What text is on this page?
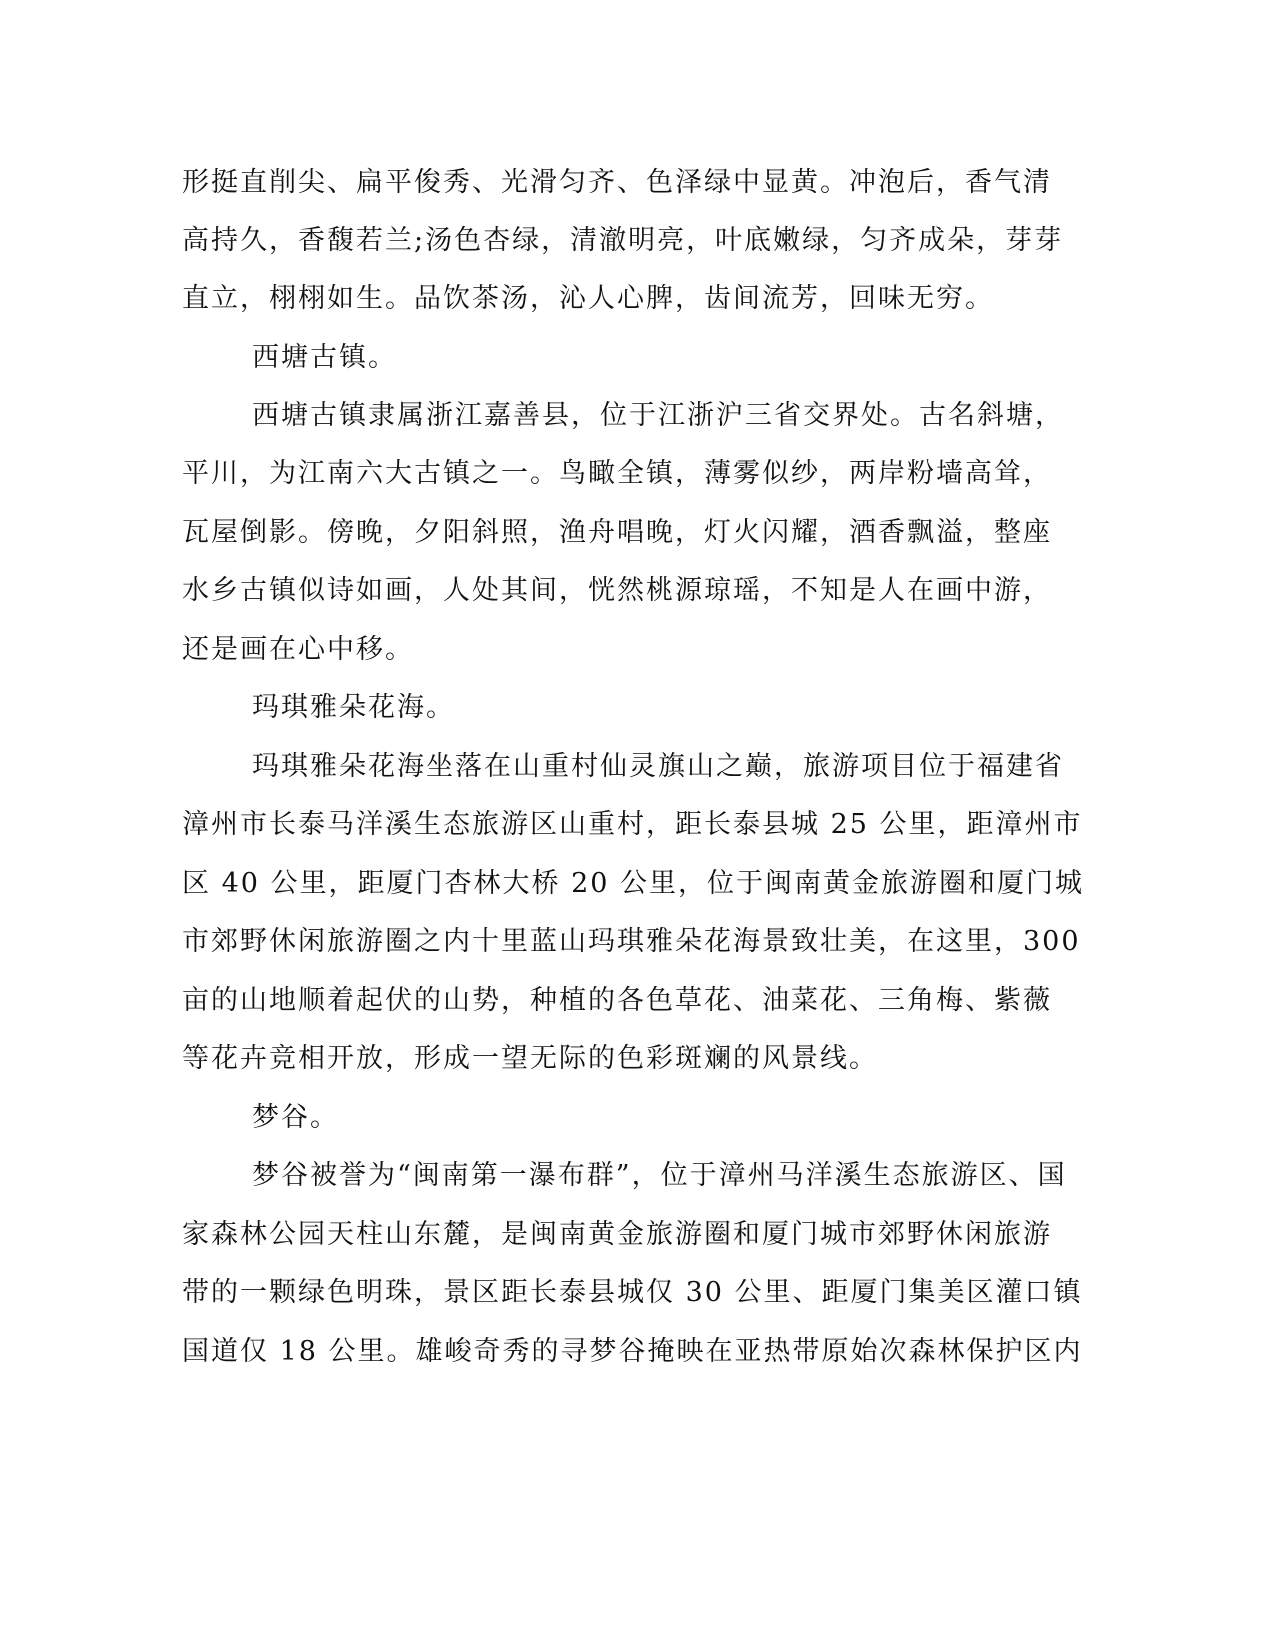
形挺直削尖、扁平俊秀、光滑匀齐、色泽绿中显黄。冲泡后，香气清
高持久，香馥若兰;汤色杏绿，清澈明亮，叶底嫩绿，匀齐成朵，芽芽
直立，栩栩如生。品饮茶汤，沁人心脾，齿间流芳，回味无穷。
西塘古镇。
西塘古镇隶属浙江嘉善县，位于江浙沪三省交界处。古名斜塘，
平川，为江南六大古镇之一。鸟瞰全镇，薄雾似纱，两岸粉墙高耸，
瓦屋倒影。傍晚，夕阳斜照，渔舟唱晚，灯火闪耀，酒香飘溢，整座
水乡古镇似诗如画，人处其间，恍然桃源琼瑶，不知是人在画中游，
还是画在心中移。
玛琪雅朵花海。
玛琪雅朵花海坐落在山重村仙灵旗山之巅，旅游项目位于福建省
漳州市长泰马洋溪生态旅游区山重村，距长泰县城 25 公里，距漳州市
区 40 公里，距厦门杏林大桥 20 公里，位于闽南黄金旅游圈和厦门城
市郊野休闲旅游圈之内十里蓝山玛琪雅朵花海景致壮美，在这里，300
亩的山地顺着起伏的山势，种植的各色草花、油菜花、三角梅、紫薇
等花卉竞相开放，形成一望无际的色彩斑斓的风景线。
梦谷。
梦谷被誉为“闽南第一瀑布群”，位于漳州马洋溪生态旅游区、国
家森林公园天柱山东麓，是闽南黄金旅游圈和厦门城市郊野休闲旅游
带的一颗绿色明珠，景区距长泰县城仅 30 公里、距厦门集美区灌口镇
国道仅 18 公里。雄峻奇秀的寻梦谷掩映在亚热带原始次森林保护区内
